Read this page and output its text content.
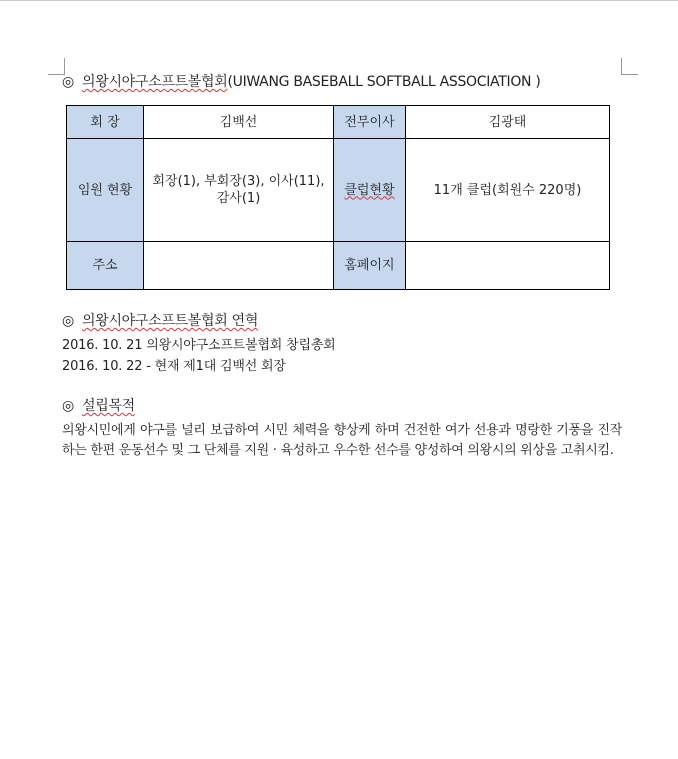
◎ 의왕시야구소프트볼협회(UIWANG BASEBALL SOFTBALL ASSOCIATION )
회 장	김백선	전무이사	김광태
임원 현황	회장(1), 부회장(3), 이사(11), 감사(1)	클럽현황	11개 클럽(회원수 220명)
주소		홈페이지	
◎ 의왕시야구소프트볼협회 연혁
2016. 10. 21 의왕시야구소프트볼협회 창립총회
2016. 10. 22 - 현재 제1대 김백선 회장
◎ 설립목적
의왕시민에게 야구를 널리 보급하여 시민 체력을 향상케 하며 건전한 여가 선용과 명랑한 기풍을 진작하는 한편 운동선수 및 그 단체를 지원 · 육성하고 우수한 선수를 양성하여 의왕시의 위상을 고취시킴.
